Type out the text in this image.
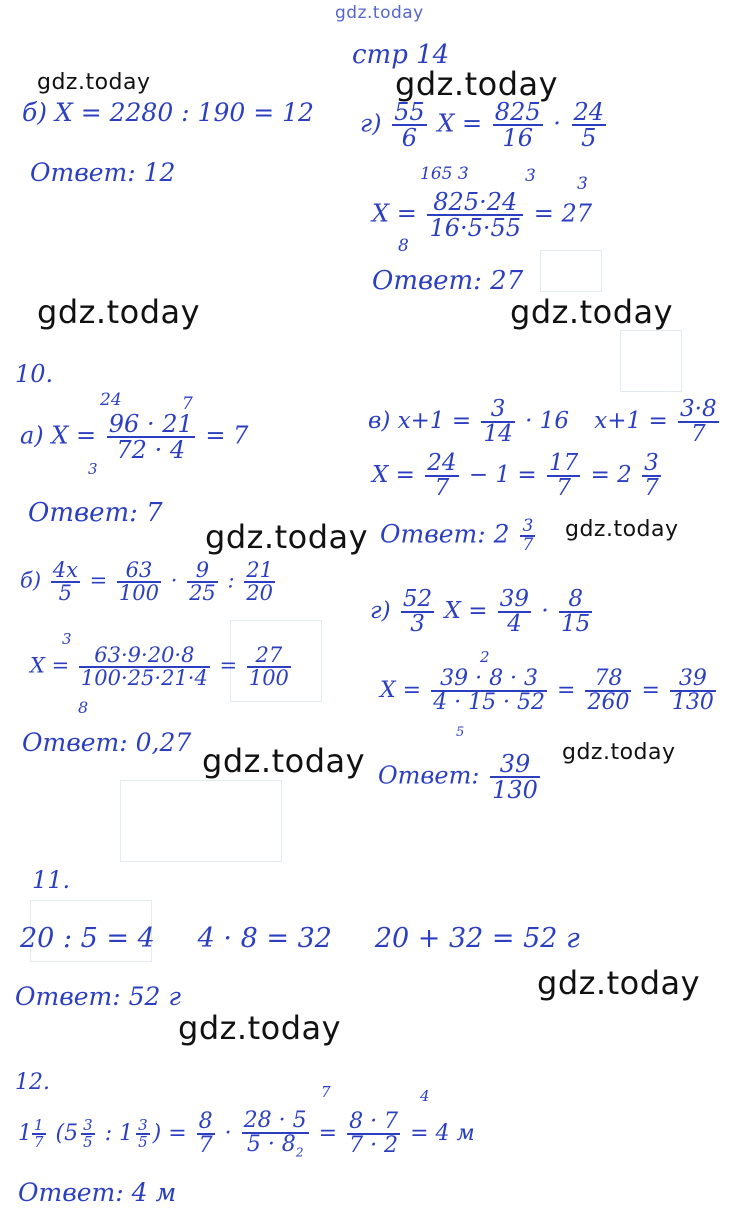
gdz.today
gdz.today	gdz.today
gdz.today	gdz.today
gdz.today	gdz.today
gdz.today	gdz.today
gdz.today
gdz.today
стр 14
б) Х = 2280 : 190 = 12
Ответ: 12
$г) \frac{55}{6}$ $Х = \frac{825}{16} \cdot \frac{24}{5}$
165 3	3 3
$Х = \frac{825\cdot 24}{16\cdot 5\cdot 55} = 27$
8
Ответ: 27
10.
24	7
а) $Х = \frac{96 \cdot 21}{72 \cdot 4} = 7$
3
Ответ: 7
в) $х+1 = \frac{3}{14} \cdot 16$ $х+1 = \frac{3\cdot 8}{7}$
$Х = \frac{24}{7} - 1 = \frac{17}{7} = 2 \frac{3}{7}$
Ответ: $2 \frac{3}{7}$
$б) \frac{4х}{5} = \frac{63}{100} \cdot \frac{9}{25}$ : $\frac{21}{20}$
3
$Х = \frac{63\cdot 9\cdot 20\cdot 8}{100\cdot 25\cdot 21\cdot 4} = \frac{27}{100}$
8
Ответ: 0,27
$г) \frac{52}{3}$ $Х = \frac{39}{4} \cdot \frac{8}{15}$
2
$Х = \frac{39 \cdot 8 \cdot 3}{4 \cdot 15 \cdot 52} = \frac{78}{260} = \frac{39}{130}$
5
Ответ: $\frac{39}{130}$
11.
20 : 5 = 4     4 · 8 = 32     20 + 32 = 52 г
Ответ: 52 г
12.	7	4
$1 \frac{1}{7} (5 \frac{3}{5}$ : $1 \frac{3}{5}$ ) = $\frac{8}{7} \cdot \frac{28 \cdot 5}{5 \cdot 8_2} = \frac{8 \cdot 7}{7 \cdot 2} = 4$ м
Ответ: 4 м
